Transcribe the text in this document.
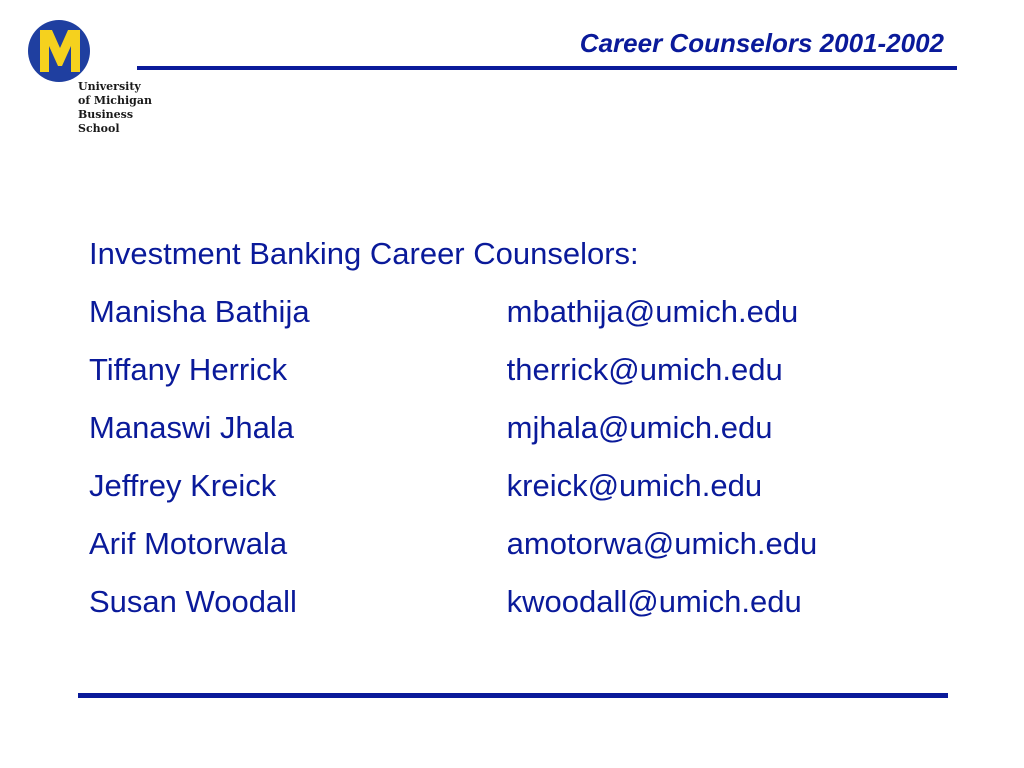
University
of Michigan
Business
School
Career Counselors 2001-2002
Investment Banking Career Counselors:
Manisha Bathija	mbathija@umich.edu
Tiffany Herrick	therrick@umich.edu
Manaswi Jhala	mjhala@umich.edu
Jeffrey Kreick	kreick@umich.edu
Arif Motorwala	amotorwa@umich.edu
Susan Woodall	kwoodall@umich.edu
